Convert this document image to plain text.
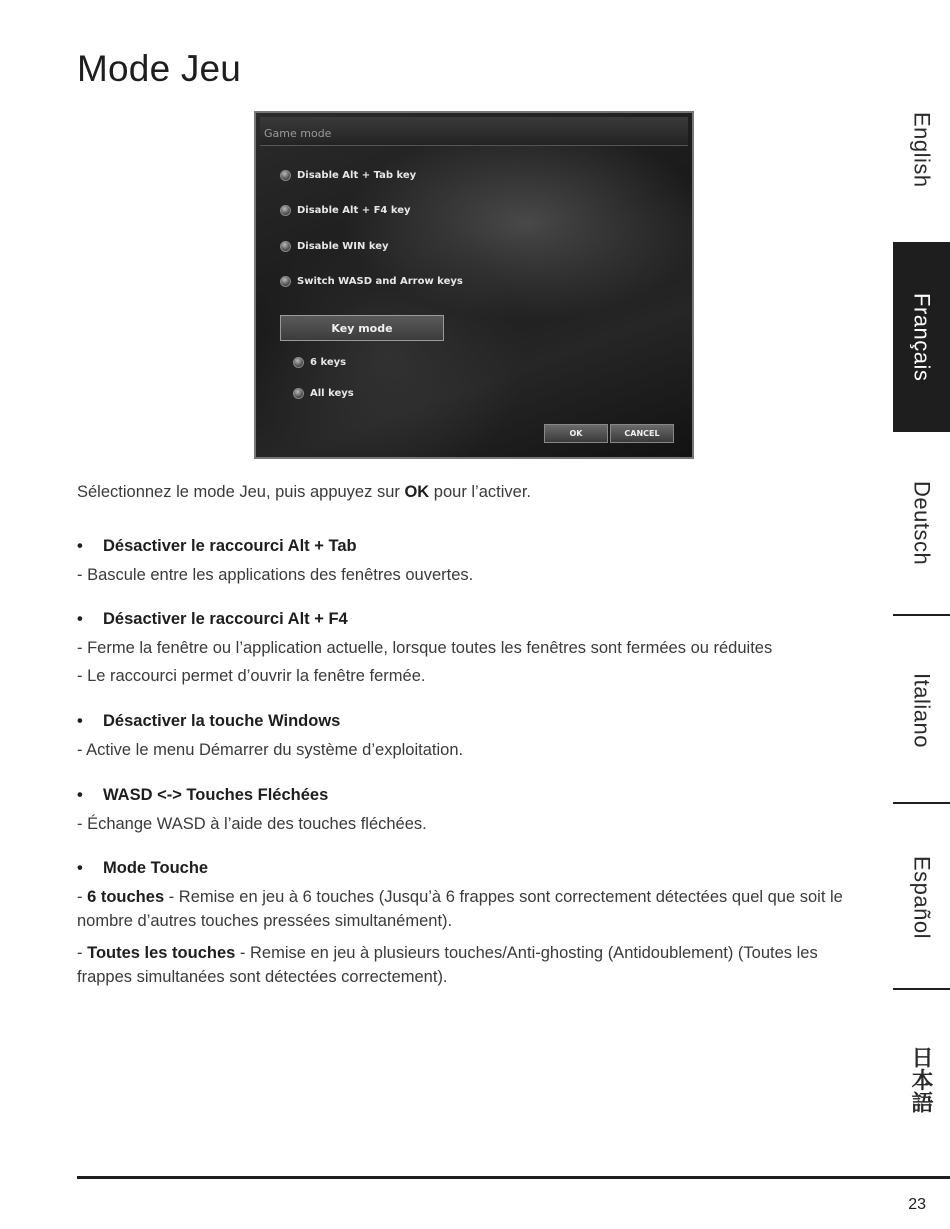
Mode Jeu
Game mode
Disable Alt + Tab key
Disable Alt + F4 key
Disable WIN key
Switch WASD and Arrow keys
Key mode
6 keys
All keys
OK	CANCEL

Sélectionnez le mode Jeu, puis appuyez sur OK pour l’activer.

• Désactiver le raccourci Alt + Tab

- Bascule entre les applications des fenêtres ouvertes.

• Désactiver le raccourci Alt + F4

- Ferme la fenêtre ou l’application actuelle, lorsque toutes les fenêtres sont fermées ou réduites

- Le raccourci permet d’ouvrir la fenêtre fermée.

• Désactiver la touche Windows

- Active le menu Démarrer du système d’exploitation.

• WASD <-> Touches Fléchées

- Échange WASD à l’aide des touches fléchées.

• Mode Touche

- 6 touches - Remise en jeu à 6 touches (Jusqu’à 6 frappes sont correctement détectées quel que soit le nombre d’autres touches pressées simultanément).

- Toutes les touches - Remise en jeu à plusieurs touches/Anti-ghosting (Antidoublement) (Toutes les frappes simultanées sont détectées correctement).

English
Français
Deutsch
Italiano
Español
日本語
23
